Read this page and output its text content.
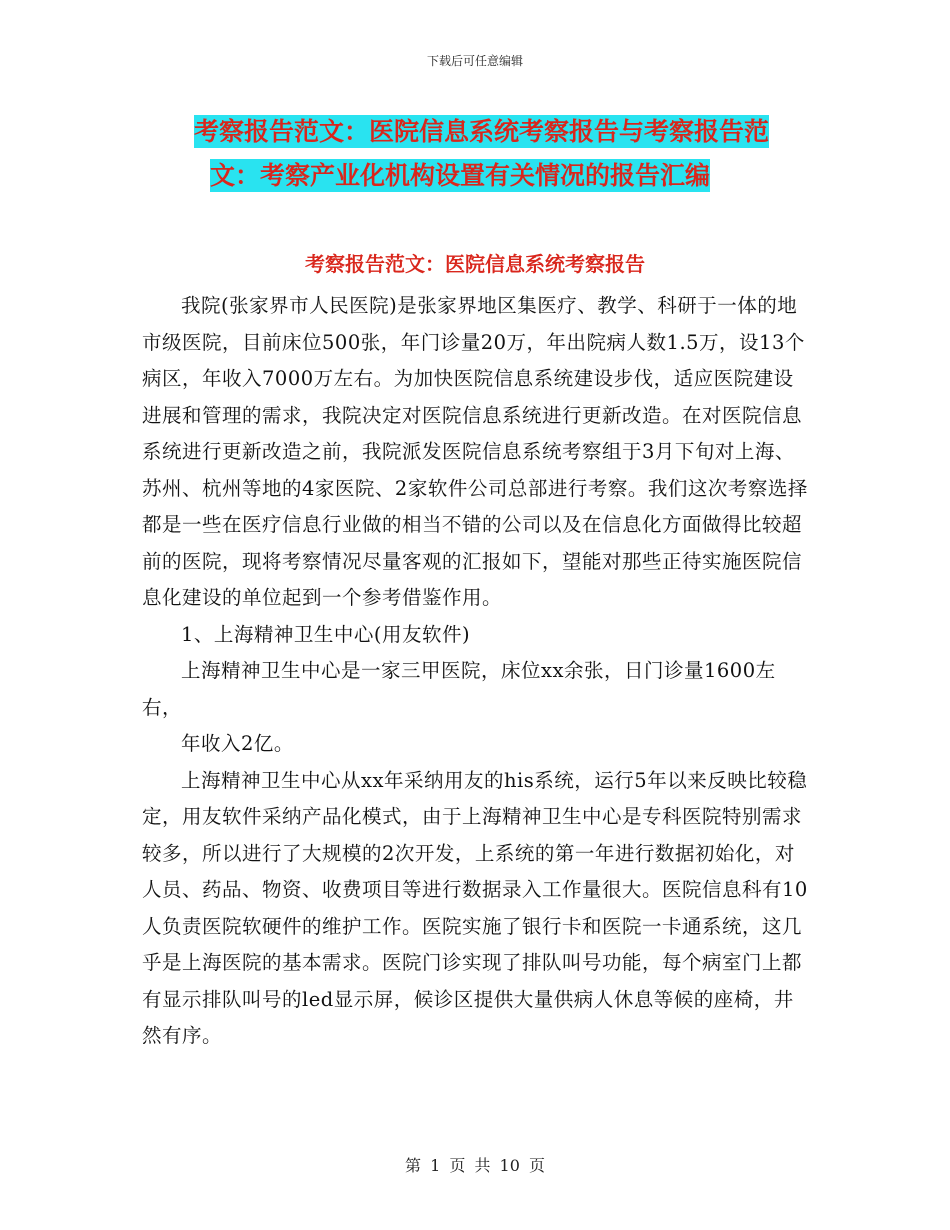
下载后可任意编辑
考察报告范文：医院信息系统考察报告与考察报告范
文：考察产业化机构设置有关情况的报告汇编
考察报告范文：医院信息系统考察报告

我院(张家界市人民医院)是张家界地区集医疗、教学、科研于一体的地市级医院，目前床位500张，年门诊量20万，年出院病人数1.5万，设13个病区，年收入7000万左右。为加快医院信息系统建设步伐，适应医院建设进展和管理的需求，我院决定对医院信息系统进行更新改造。在对医院信息系统进行更新改造之前，我院派发医院信息系统考察组于3月下旬对上海、苏州、杭州等地的4家医院、2家软件公司总部进行考察。我们这次考察选择都是一些在医疗信息行业做的相当不错的公司以及在信息化方面做得比较超前的医院，现将考察情况尽量客观的汇报如下，望能对那些正待实施医院信息化建设的单位起到一个参考借鉴作用。

1、上海精神卫生中心(用友软件)

上海精神卫生中心是一家三甲医院，床位xx余张，日门诊量1600左右，

年收入2亿。

上海精神卫生中心从xx年采纳用友的his系统，运行5年以来反映比较稳定，用友软件采纳产品化模式，由于上海精神卫生中心是专科医院特别需求较多，所以进行了大规模的2次开发，上系统的第一年进行数据初始化，对人员、药品、物资、收费项目等进行数据录入工作量很大。医院信息科有10人负责医院软硬件的维护工作。医院实施了银行卡和医院一卡通系统，这几乎是上海医院的基本需求。医院门诊实现了排队叫号功能，每个病室门上都有显示排队叫号的led显示屏，候诊区提供大量供病人休息等候的座椅，井然有序。

第 1 页 共 10 页
